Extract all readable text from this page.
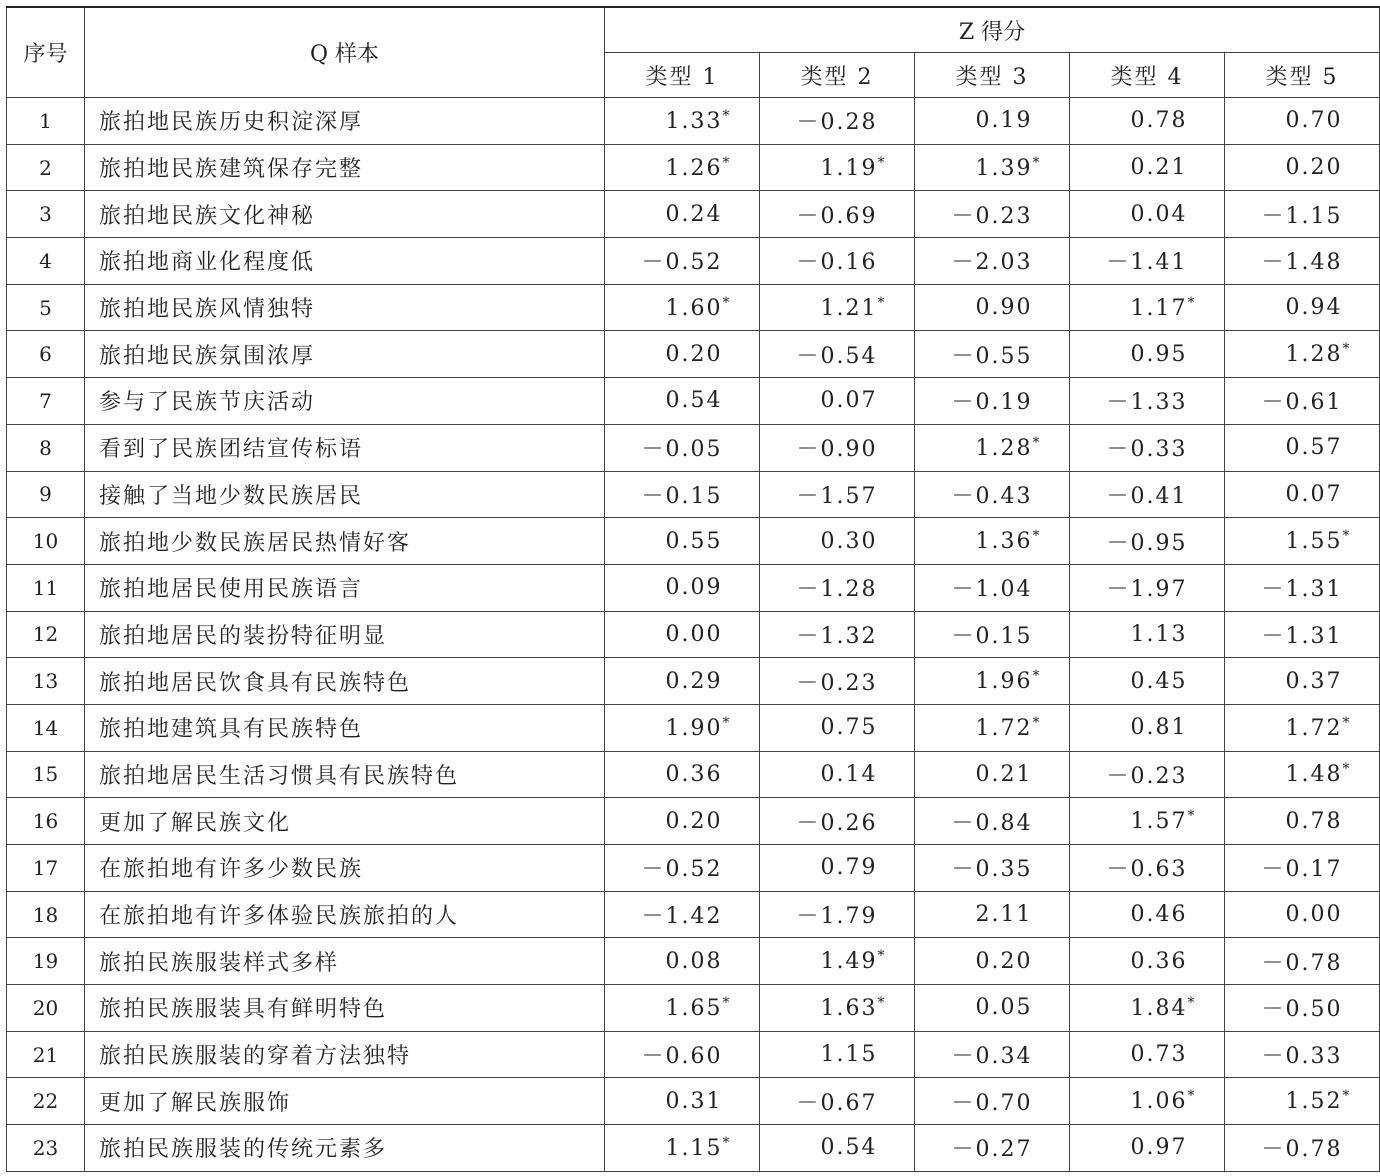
序号	Q 样本	Z 得分				
		类型 1	类型 2	类型 3	类型 4	类型 5
1	旅拍地民族历史积淀深厚	1.33*	－0.28	0.19	0.78	0.70
2	旅拍地民族建筑保存完整	1.26*	1.19*	1.39*	0.21	0.20
3	旅拍地民族文化神秘	0.24	－0.69	－0.23	0.04	－1.15
4	旅拍地商业化程度低	－0.52	－0.16	－2.03	－1.41	－1.48
5	旅拍地民族风情独特	1.60*	1.21*	0.90	1.17*	0.94
6	旅拍地民族氛围浓厚	0.20	－0.54	－0.55	0.95	1.28*
7	参与了民族节庆活动	0.54	0.07	－0.19	－1.33	－0.61
8	看到了民族团结宣传标语	－0.05	－0.90	1.28*	－0.33	0.57
9	接触了当地少数民族居民	－0.15	－1.57	－0.43	－0.41	0.07
10	旅拍地少数民族居民热情好客	0.55	0.30	1.36*	－0.95	1.55*
11	旅拍地居民使用民族语言	0.09	－1.28	－1.04	－1.97	－1.31
12	旅拍地居民的装扮特征明显	0.00	－1.32	－0.15	1.13	－1.31
13	旅拍地居民饮食具有民族特色	0.29	－0.23	1.96*	0.45	0.37
14	旅拍地建筑具有民族特色	1.90*	0.75	1.72*	0.81	1.72*
15	旅拍地居民生活习惯具有民族特色	0.36	0.14	0.21	－0.23	1.48*
16	更加了解民族文化	0.20	－0.26	－0.84	1.57*	0.78
17	在旅拍地有许多少数民族	－0.52	0.79	－0.35	－0.63	－0.17
18	在旅拍地有许多体验民族旅拍的人	－1.42	－1.79	2.11	0.46	0.00
19	旅拍民族服装样式多样	0.08	1.49*	0.20	0.36	－0.78
20	旅拍民族服装具有鲜明特色	1.65*	1.63*	0.05	1.84*	－0.50
21	旅拍民族服装的穿着方法独特	－0.60	1.15	－0.34	0.73	－0.33
22	更加了解民族服饰	0.31	－0.67	－0.70	1.06*	1.52*
23	旅拍民族服装的传统元素多	1.15*	0.54	－0.27	0.97	－0.78
